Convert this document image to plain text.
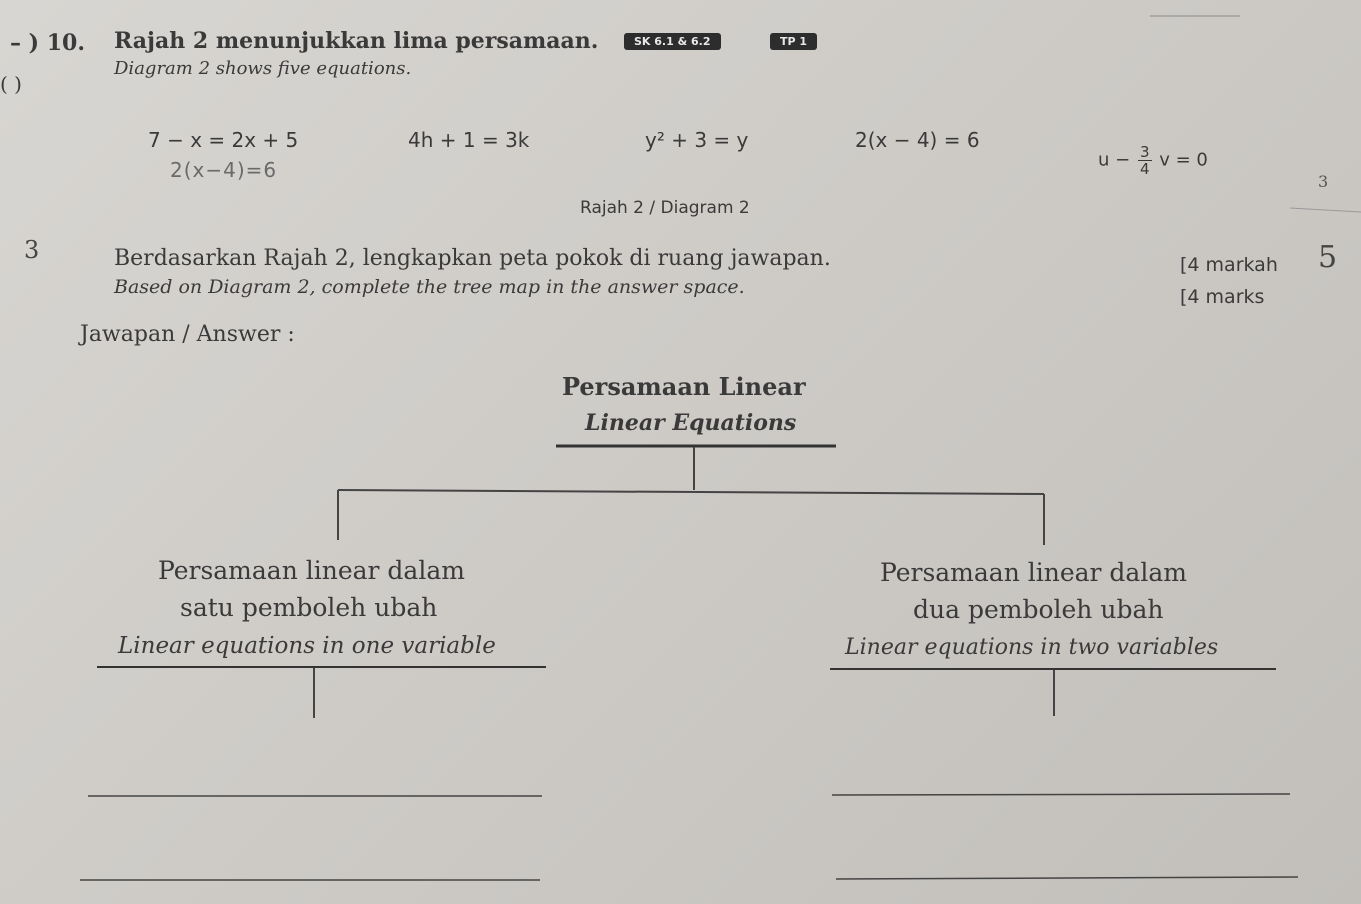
– ) 10. Rajah 2 menunjukkan lima persamaan.	SK 6.1 & 6.2	TP 1
Diagram 2 shows five equations.
( )
7 − x = 2x + 5	4h + 1 = 3k	y² + 3 = y	2(x − 4) = 6
$u - \frac{3}{4}$ v = 0
2(x−4)=6	3
Rajah 2 / Diagram 2
3	Berdasarkan Rajah 2, lengkapkan peta pokok di ruang jawapan.
Based on Diagram 2, complete the tree map in the answer space.
[4 markah
[4 marks
5
Jawapan / Answer :
Persamaan Linear
Linear Equations
Persamaan linear dalam
satu pemboleh ubah
Linear equations in one variable
Persamaan linear dalam
dua pemboleh ubah
Linear equations in two variables
